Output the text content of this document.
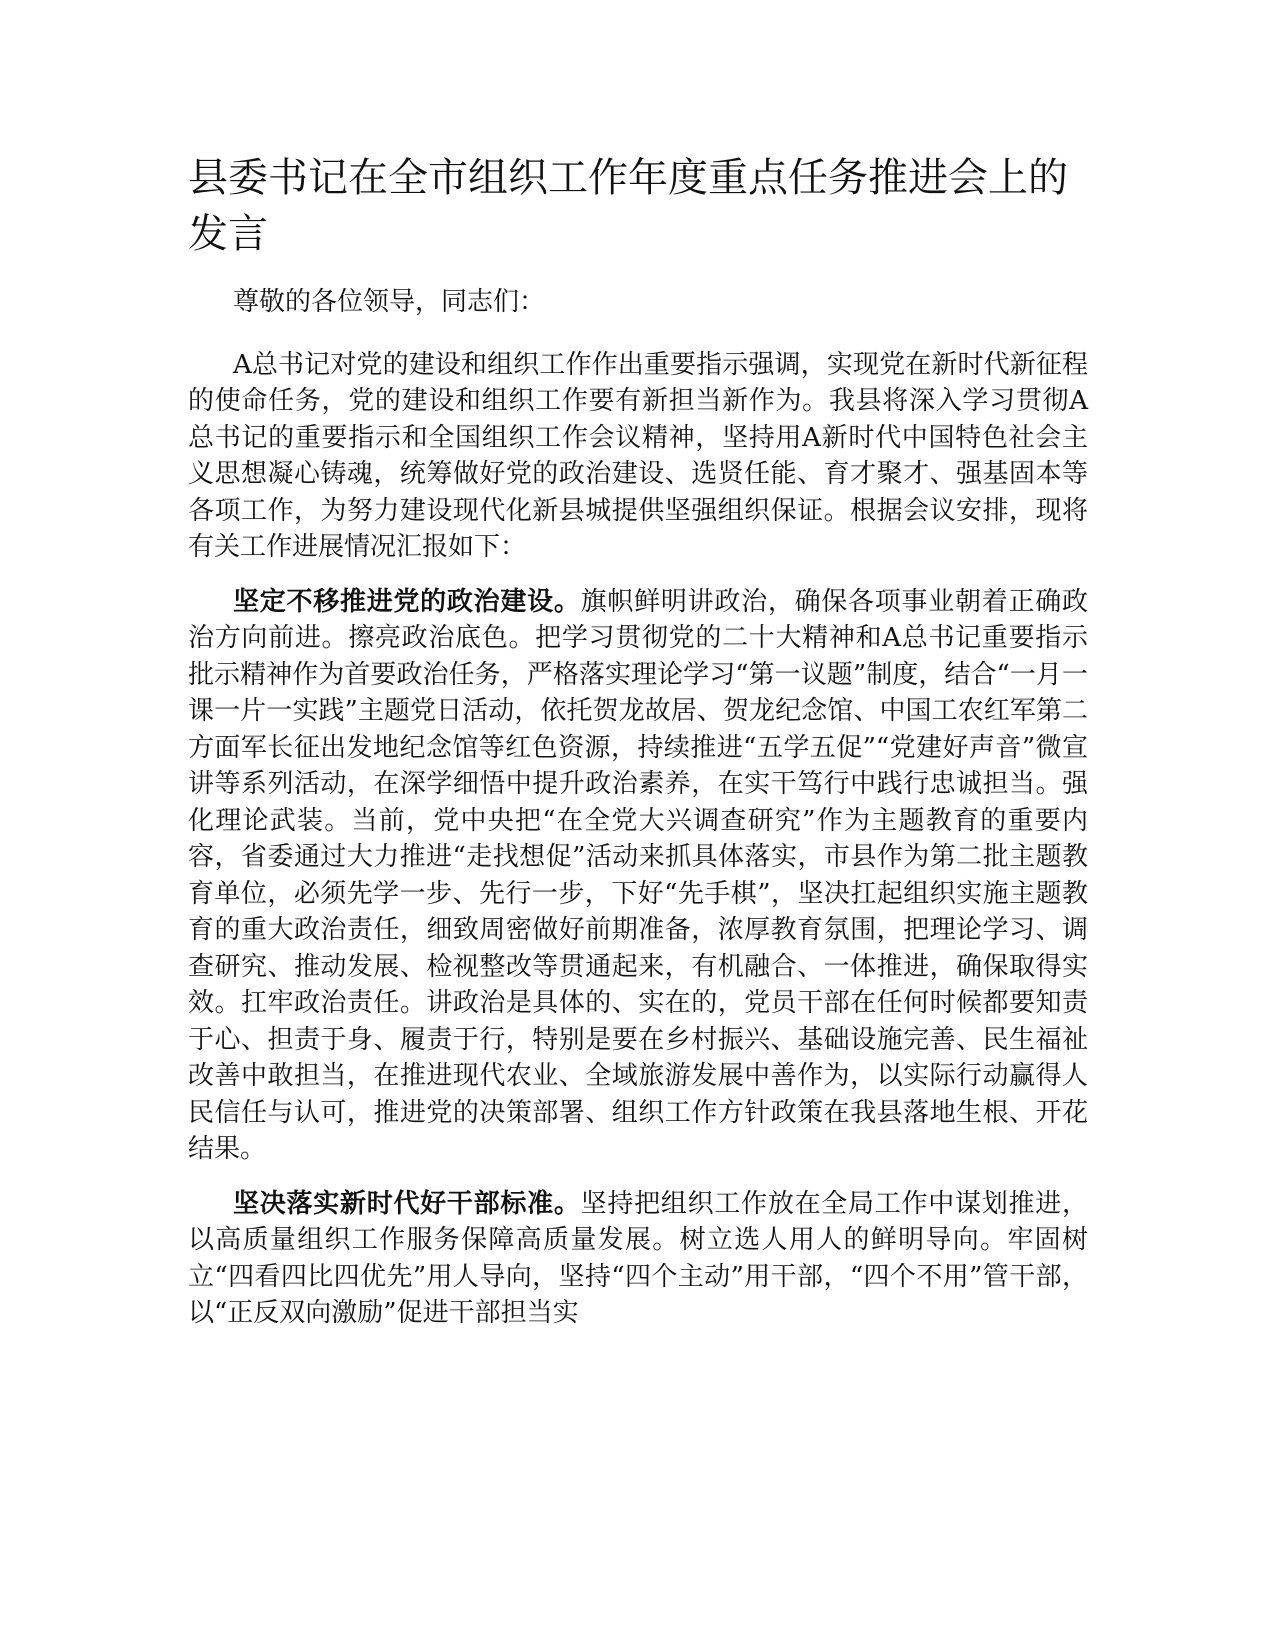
县委书记在全市组织工作年度重点任务推进会上的发言

尊敬的各位领导，同志们：

A总书记对党的建设和组织工作作出重要指示强调，实现党在新时代新征程的使命任务，党的建设和组织工作要有新担当新作为。我县将深入学习贯彻A总书记的重要指示和全国组织工作会议精神，坚持用A新时代中国特色社会主义思想凝心铸魂，统筹做好党的政治建设、选贤任能、育才聚才、强基固本等各项工作，为努力建设现代化新县城提供坚强组织保证。根据会议安排，现将有关工作进展情况汇报如下：

坚定不移推进党的政治建设。旗帜鲜明讲政治，确保各项事业朝着正确政治方向前进。擦亮政治底色。把学习贯彻党的二十大精神和A总书记重要指示批示精神作为首要政治任务，严格落实理论学习“第一议题”制度，结合“一月一课一片一实践”主题党日活动，依托贺龙故居、贺龙纪念馆、中国工农红军第二方面军长征出发地纪念馆等红色资源，持续推进“五学五促”“党建好声音”微宣讲等系列活动，在深学细悟中提升政治素养，在实干笃行中践行忠诚担当。强化理论武装。当前，党中央把“在全党大兴调查研究”作为主题教育的重要内容，省委通过大力推进“走找想促”活动来抓具体落实，市县作为第二批主题教育单位，必须先学一步、先行一步，下好“先手棋”，坚决扛起组织实施主题教育的重大政治责任，细致周密做好前期准备，浓厚教育氛围，把理论学习、调查研究、推动发展、检视整改等贯通起来，有机融合、一体推进，确保取得实效。扛牢政治责任。讲政治是具体的、实在的，党员干部在任何时候都要知责于心、担责于身、履责于行，特别是要在乡村振兴、基础设施完善、民生福祉改善中敢担当，在推进现代农业、全域旅游发展中善作为，以实际行动赢得人民信任与认可，推进党的决策部署、组织工作方针政策在我县落地生根、开花结果。

坚决落实新时代好干部标准。坚持把组织工作放在全局工作中谋划推进，以高质量组织工作服务保障高质量发展。树立选人用人的鲜明导向。牢固树立“四看四比四优先”用人导向，坚持“四个主动”用干部，“四个不用”管干部，以“正反双向激励”促进干部担当实
